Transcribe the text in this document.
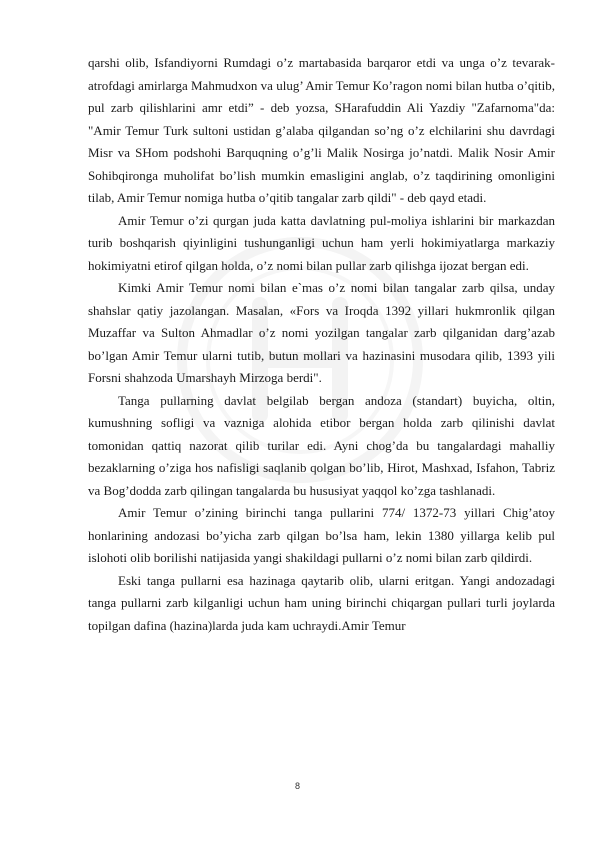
qarshi olib, Isfandiyorni Rumdagi o’z martabasida barqaror etdi va unga o’z tevarak-atrofdagi amirlarga Mahmudxon va ulug’ Amir Temur Ko’ragon nomi bilan hutba o’qitib, pul zarb qilishlarini amr etdi” - deb yozsa, SHarafuddin Ali Yazdiy "Zafarnoma"da: "Amir Temur Turk sultoni ustidan g’alaba qilgandan so’ng o’z elchilarini shu davrdagi Misr va SHom podshohi Barquqning o’g’li Malik Nosirga jo’natdi. Malik Nosir Amir Sohibqironga muholifat bo’lish mumkin emasligini anglab, o’z taqdirining omonligini tilab, Amir Temur nomiga hutba o’qitib tangalar zarb qildi" - deb qayd etadi.

Amir Temur o’zi qurgan juda katta davlatning pul-moliya ishlarini bir markazdan turib boshqarish qiyinligini tushunganligi uchun ham yerli hokimiyatlarga markaziy hokimiyatni etirof qilgan holda, o’z nomi bilan pullar zarb qilishga ijozat bergan edi.

Kimki Amir Temur nomi bilan e`mas o’z nomi bilan tangalar zarb qilsa, unday shahslar qatiy jazolangan. Masalan, «Fors va Iroqda 1392 yillari hukmronlik qilgan Muzaffar va Sulton Ahmadlar o’z nomi yozilgan tangalar zarb qilganidan darg’azab bo’lgan Amir Temur ularni tutib, butun mollari va hazinasini musodara qilib, 1393 yili Forsni shahzoda Umarshayh Mirzoga berdi".

Tanga pullarning davlat belgilab bergan andoza (standart) buyicha, oltin, kumushning sofligi va vazniga alohida etibor bergan holda zarb qilinishi davlat tomonidan qattiq nazorat qilib turilar edi. Ayni chog’da bu tangalardagi mahalliy bezaklarning o’ziga hos nafisligi saqlanib qolgan bo’lib, Hirot, Mashxad, Isfahon, Tabriz va Bog’dodda zarb qilingan tangalarda bu hususiyat yaqqol ko’zga tashlanadi.

Amir Temur o’zining birinchi tanga pullarini 774/ 1372-73 yillari Chig’atoy honlarining andozasi bo’yicha zarb qilgan bo’lsa ham, lekin 1380 yillarga kelib pul islohoti olib borilishi natijasida yangi shakildagi pullarni o’z nomi bilan zarb qildirdi.

Eski tanga pullarni esa hazinaga qaytarib olib, ularni eritgan. Yangi andozadagi tanga pullarni zarb kilganligi uchun ham uning birinchi chiqargan pullari turli joylarda topilgan dafina (hazina)larda juda kam uchraydi.Amir Temur

8
